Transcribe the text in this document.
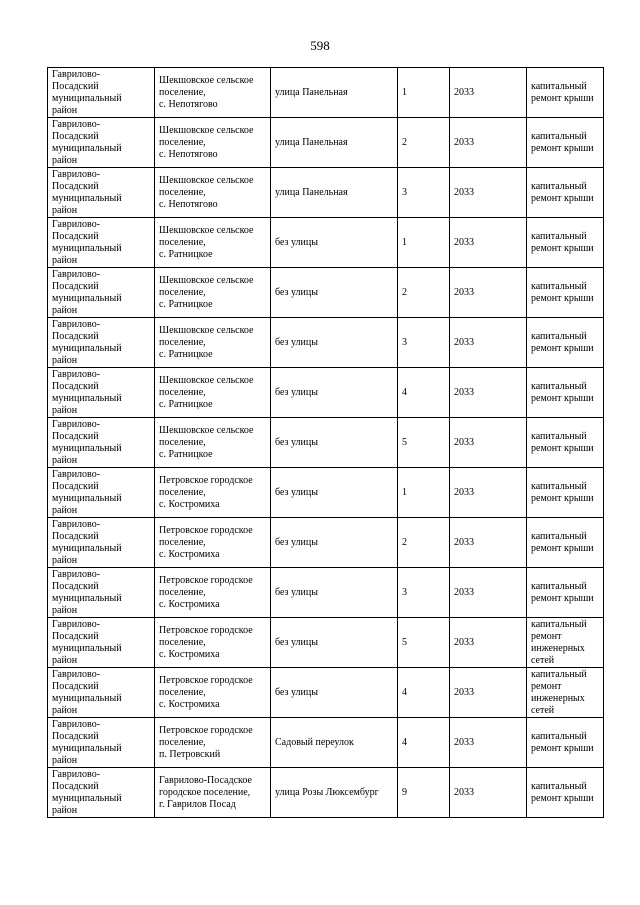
598
Гаврилово-
Посадский
муниципальный
район	Шекшовское сельское
поселение,
с. Непотягово	улица Панельная	1	2033	капитальный
ремонт крыши

Гаврилово-
Посадский
муниципальный
район	Шекшовское сельское
поселение,
с. Непотягово	улица Панельная	2	2033	капитальный
ремонт крыши

Гаврилово-
Посадский
муниципальный
район	Шекшовское сельское
поселение,
с. Непотягово	улица Панельная	3	2033	капитальный
ремонт крыши

Гаврилово-
Посадский
муниципальный
район	Шекшовское сельское
поселение,
с. Ратницкое	без улицы	1	2033	капитальный
ремонт крыши

Гаврилово-
Посадский
муниципальный
район	Шекшовское сельское
поселение,
с. Ратницкое	без улицы	2	2033	капитальный
ремонт крыши

Гаврилово-
Посадский
муниципальный
район	Шекшовское сельское
поселение,
с. Ратницкое	без улицы	3	2033	капитальный
ремонт крыши

Гаврилово-
Посадский
муниципальный
район	Шекшовское сельское
поселение,
с. Ратницкое	без улицы	4	2033	капитальный
ремонт крыши

Гаврилово-
Посадский
муниципальный
район	Шекшовское сельское
поселение,
с. Ратницкое	без улицы	5	2033	капитальный
ремонт крыши

Гаврилово-
Посадский
муниципальный
район	Петровское городское
поселение,
с. Костромиха	без улицы	1	2033	капитальный
ремонт крыши

Гаврилово-
Посадский
муниципальный
район	Петровское городское
поселение,
с. Костромиха	без улицы	2	2033	капитальный
ремонт крыши

Гаврилово-
Посадский
муниципальный
район	Петровское городское
поселение,
с. Костромиха	без улицы	3	2033	капитальный
ремонт крыши

Гаврилово-
Посадский
муниципальный
район	Петровское городское
поселение,
с. Костромиха	без улицы	5	2033	капитальный
ремонт
инженерных
сетей

Гаврилово-
Посадский
муниципальный
район	Петровское городское
поселение,
с. Костромиха	без улицы	4	2033	капитальный
ремонт
инженерных
сетей

Гаврилово-
Посадский
муниципальный
район	Петровское городское
поселение,
п. Петровский	Садовый переулок	4	2033	капитальный
ремонт крыши

Гаврилово-
Посадский
муниципальный
район	Гаврилово-Посадское
городское поселение,
г. Гаврилов Посад	улица Розы Люксембург	9	2033	капитальный
ремонт крыши
